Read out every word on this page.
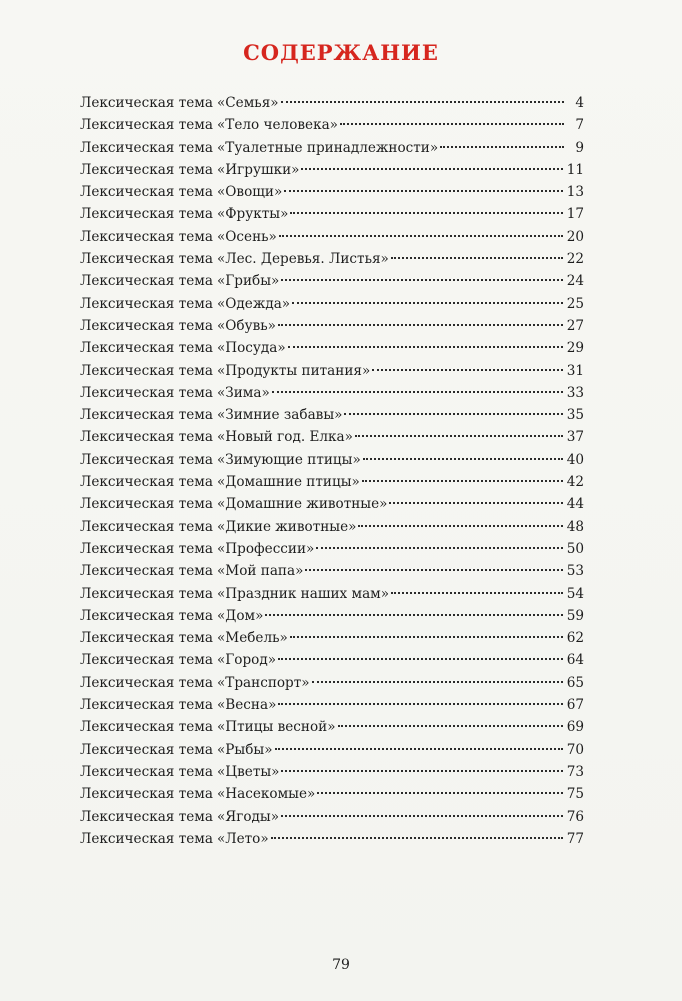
СОДЕРЖАНИЕ
Лексическая тема «Семья»	4
Лексическая тема «Тело человека»	7
Лексическая тема «Туалетные принадлежности»	9
Лексическая тема «Игрушки»	11
Лексическая тема «Овощи»	13
Лексическая тема «Фрукты»	17
Лексическая тема «Осень»	20
Лексическая тема «Лес. Деревья. Листья»	22
Лексическая тема «Грибы»	24
Лексическая тема «Одежда»	25
Лексическая тема «Обувь»	27
Лексическая тема «Посуда»	29
Лексическая тема «Продукты питания»	31
Лексическая тема «Зима»	33
Лексическая тема «Зимние забавы»	35
Лексическая тема «Новый год. Елка»	37
Лексическая тема «Зимующие птицы»	40
Лексическая тема «Домашние птицы»	42
Лексическая тема «Домашние животные»	44
Лексическая тема «Дикие животные»	48
Лексическая тема «Профессии»	50
Лексическая тема «Мой папа»	53
Лексическая тема «Праздник наших мам»	54
Лексическая тема «Дом»	59
Лексическая тема «Мебель»	62
Лексическая тема «Город»	64
Лексическая тема «Транспорт»	65
Лексическая тема «Весна»	67
Лексическая тема «Птицы весной»	69
Лексическая тема «Рыбы»	70
Лексическая тема «Цветы»	73
Лексическая тема «Насекомые»	75
Лексическая тема «Ягоды»	76
Лексическая тема «Лето»	77
79
